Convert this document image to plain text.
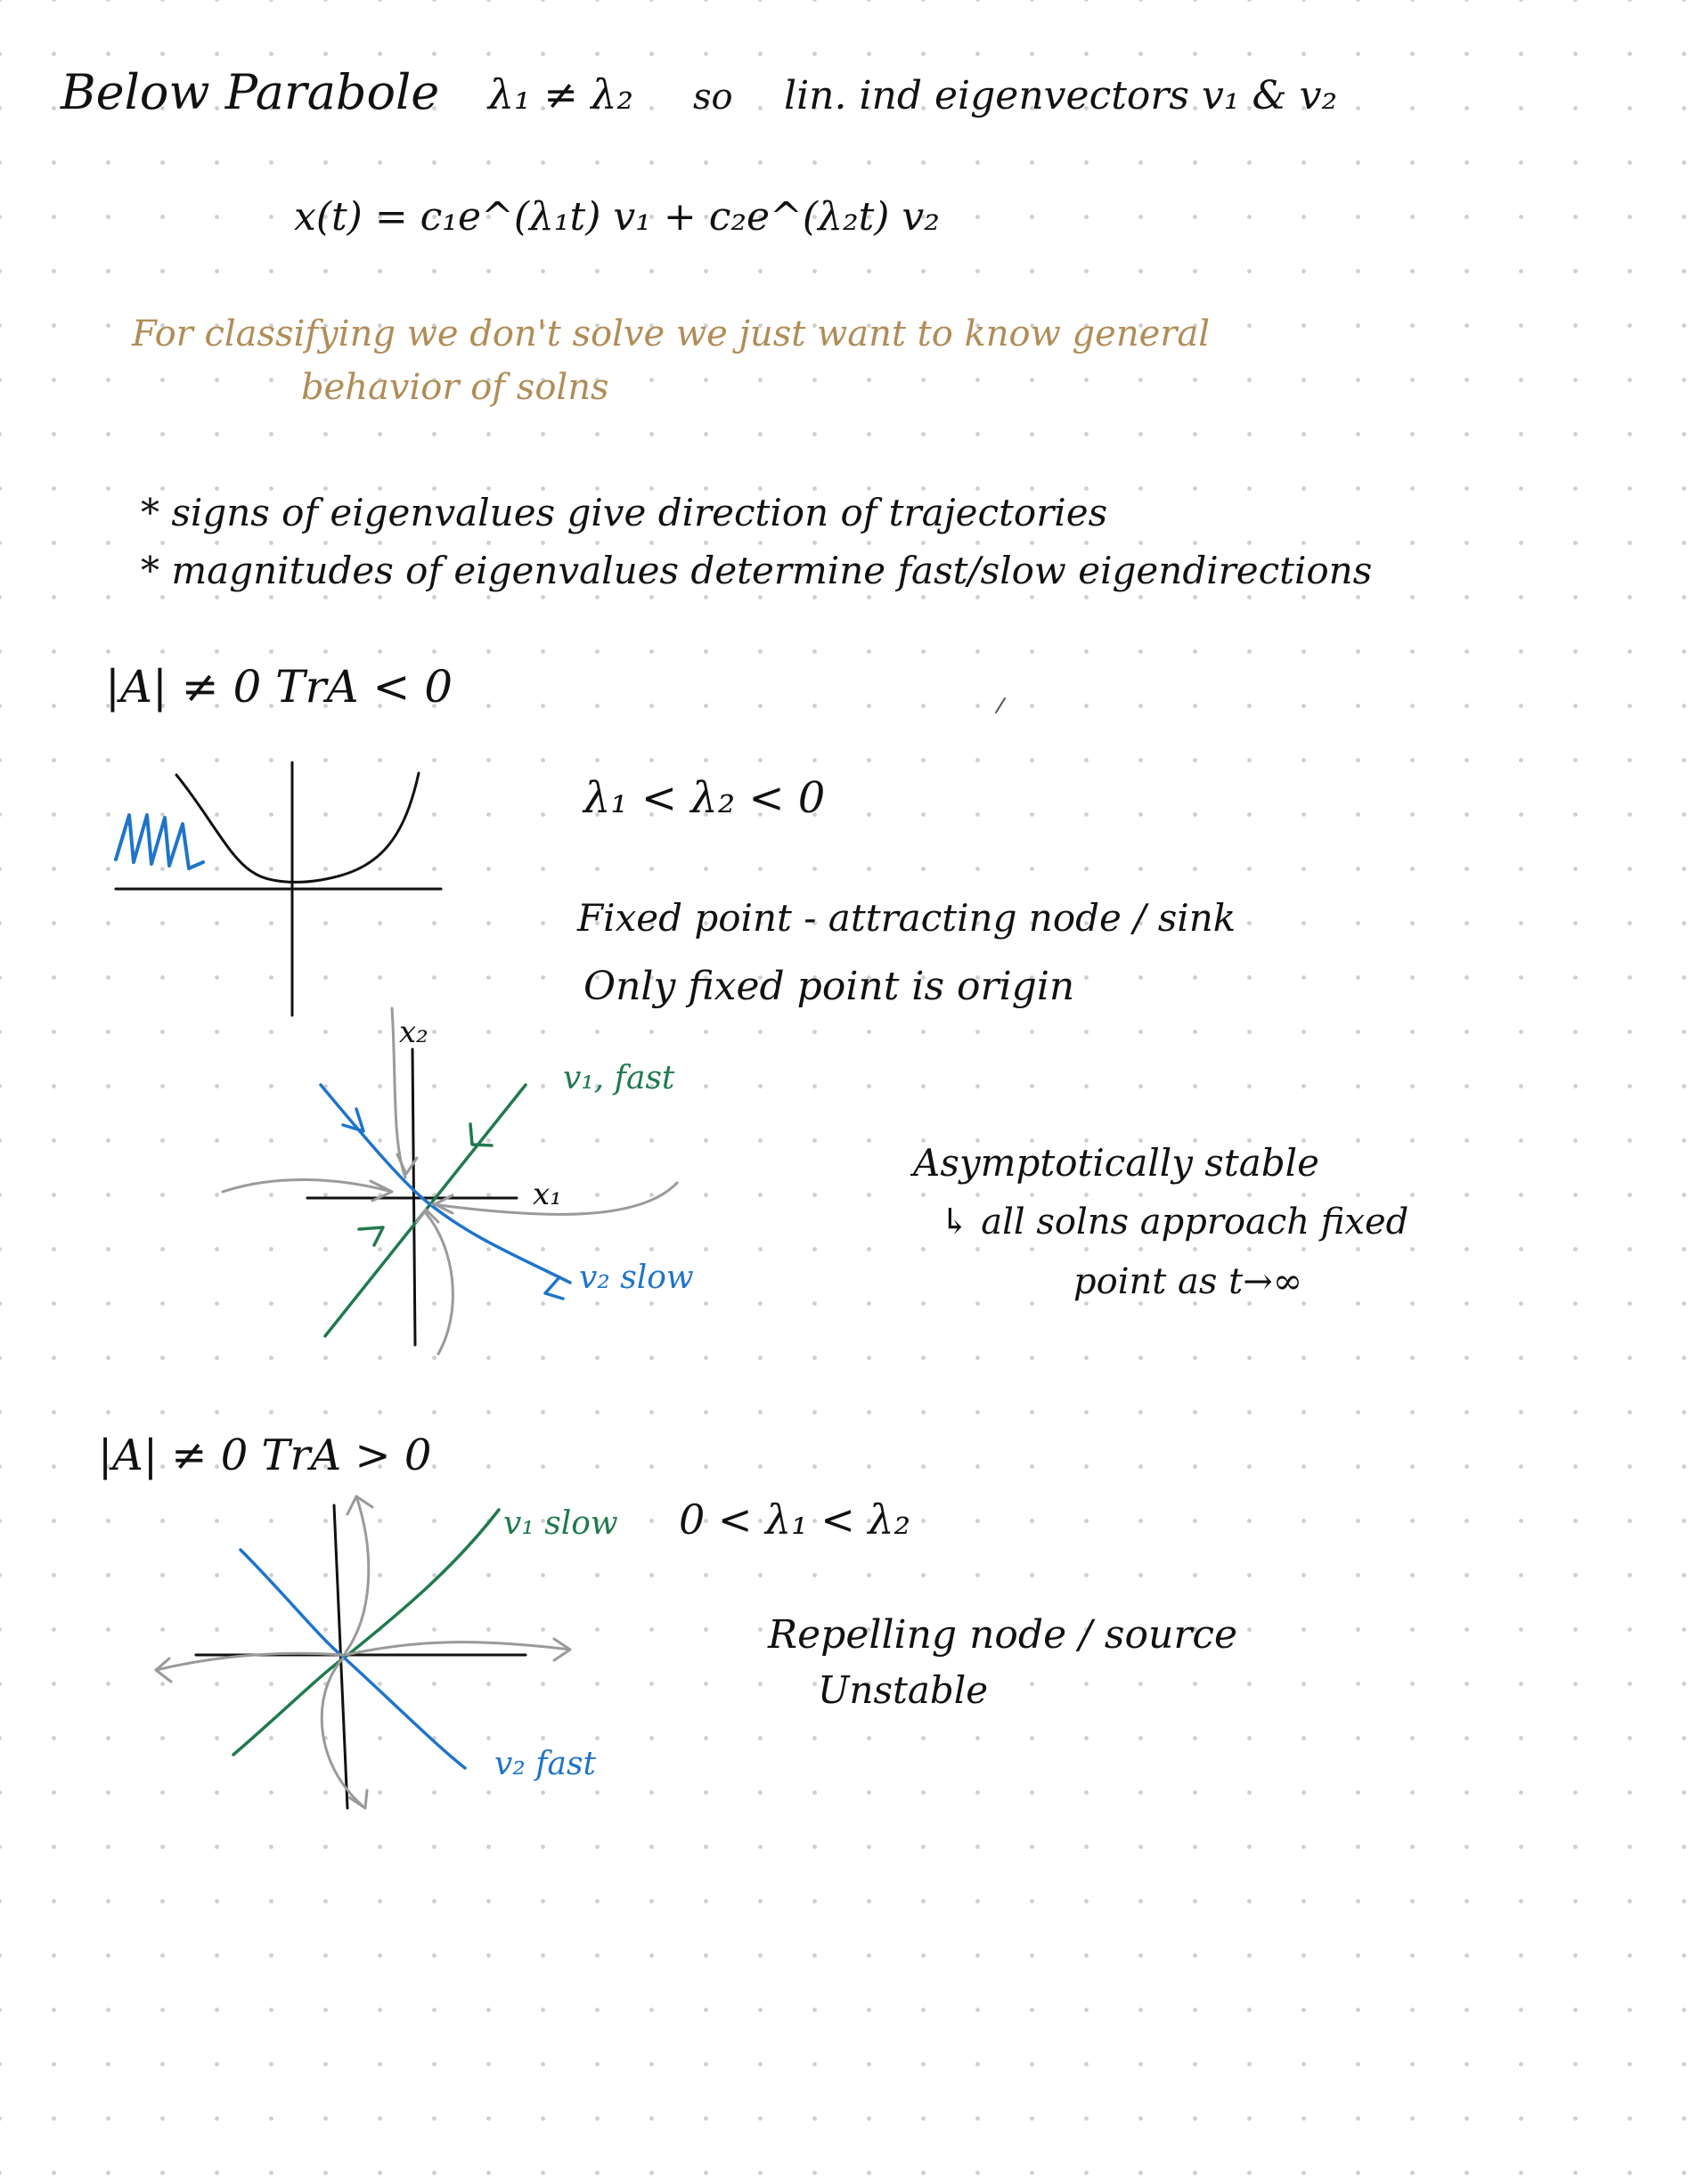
Below Parabole λ₁ ≠ λ₂ so lin. ind eigenvectors v₁ & v₂
x(t) = c₁e^(λ₁t) v₁ + c₂e^(λ₂t) v₂
For classifying we don't solve we just want to know general
behavior of solns
* signs of eigenvalues give direction of trajectories
* magnitudes of eigenvalues determine fast/slow eigendirections
|A| ≠ 0 TrA < 0
λ₁ < λ₂ < 0
Fixed point - attracting node / sink
Only fixed point is origin
x₁
x₂
v₁, fast
v₂ slow
Asymptotically stable
↳ all solns approach fixed
point as t→∞
|A| ≠ 0 TrA > 0
v₁ slow
v₂ fast
0 < λ₁ < λ₂
Repelling node / source
Unstable
